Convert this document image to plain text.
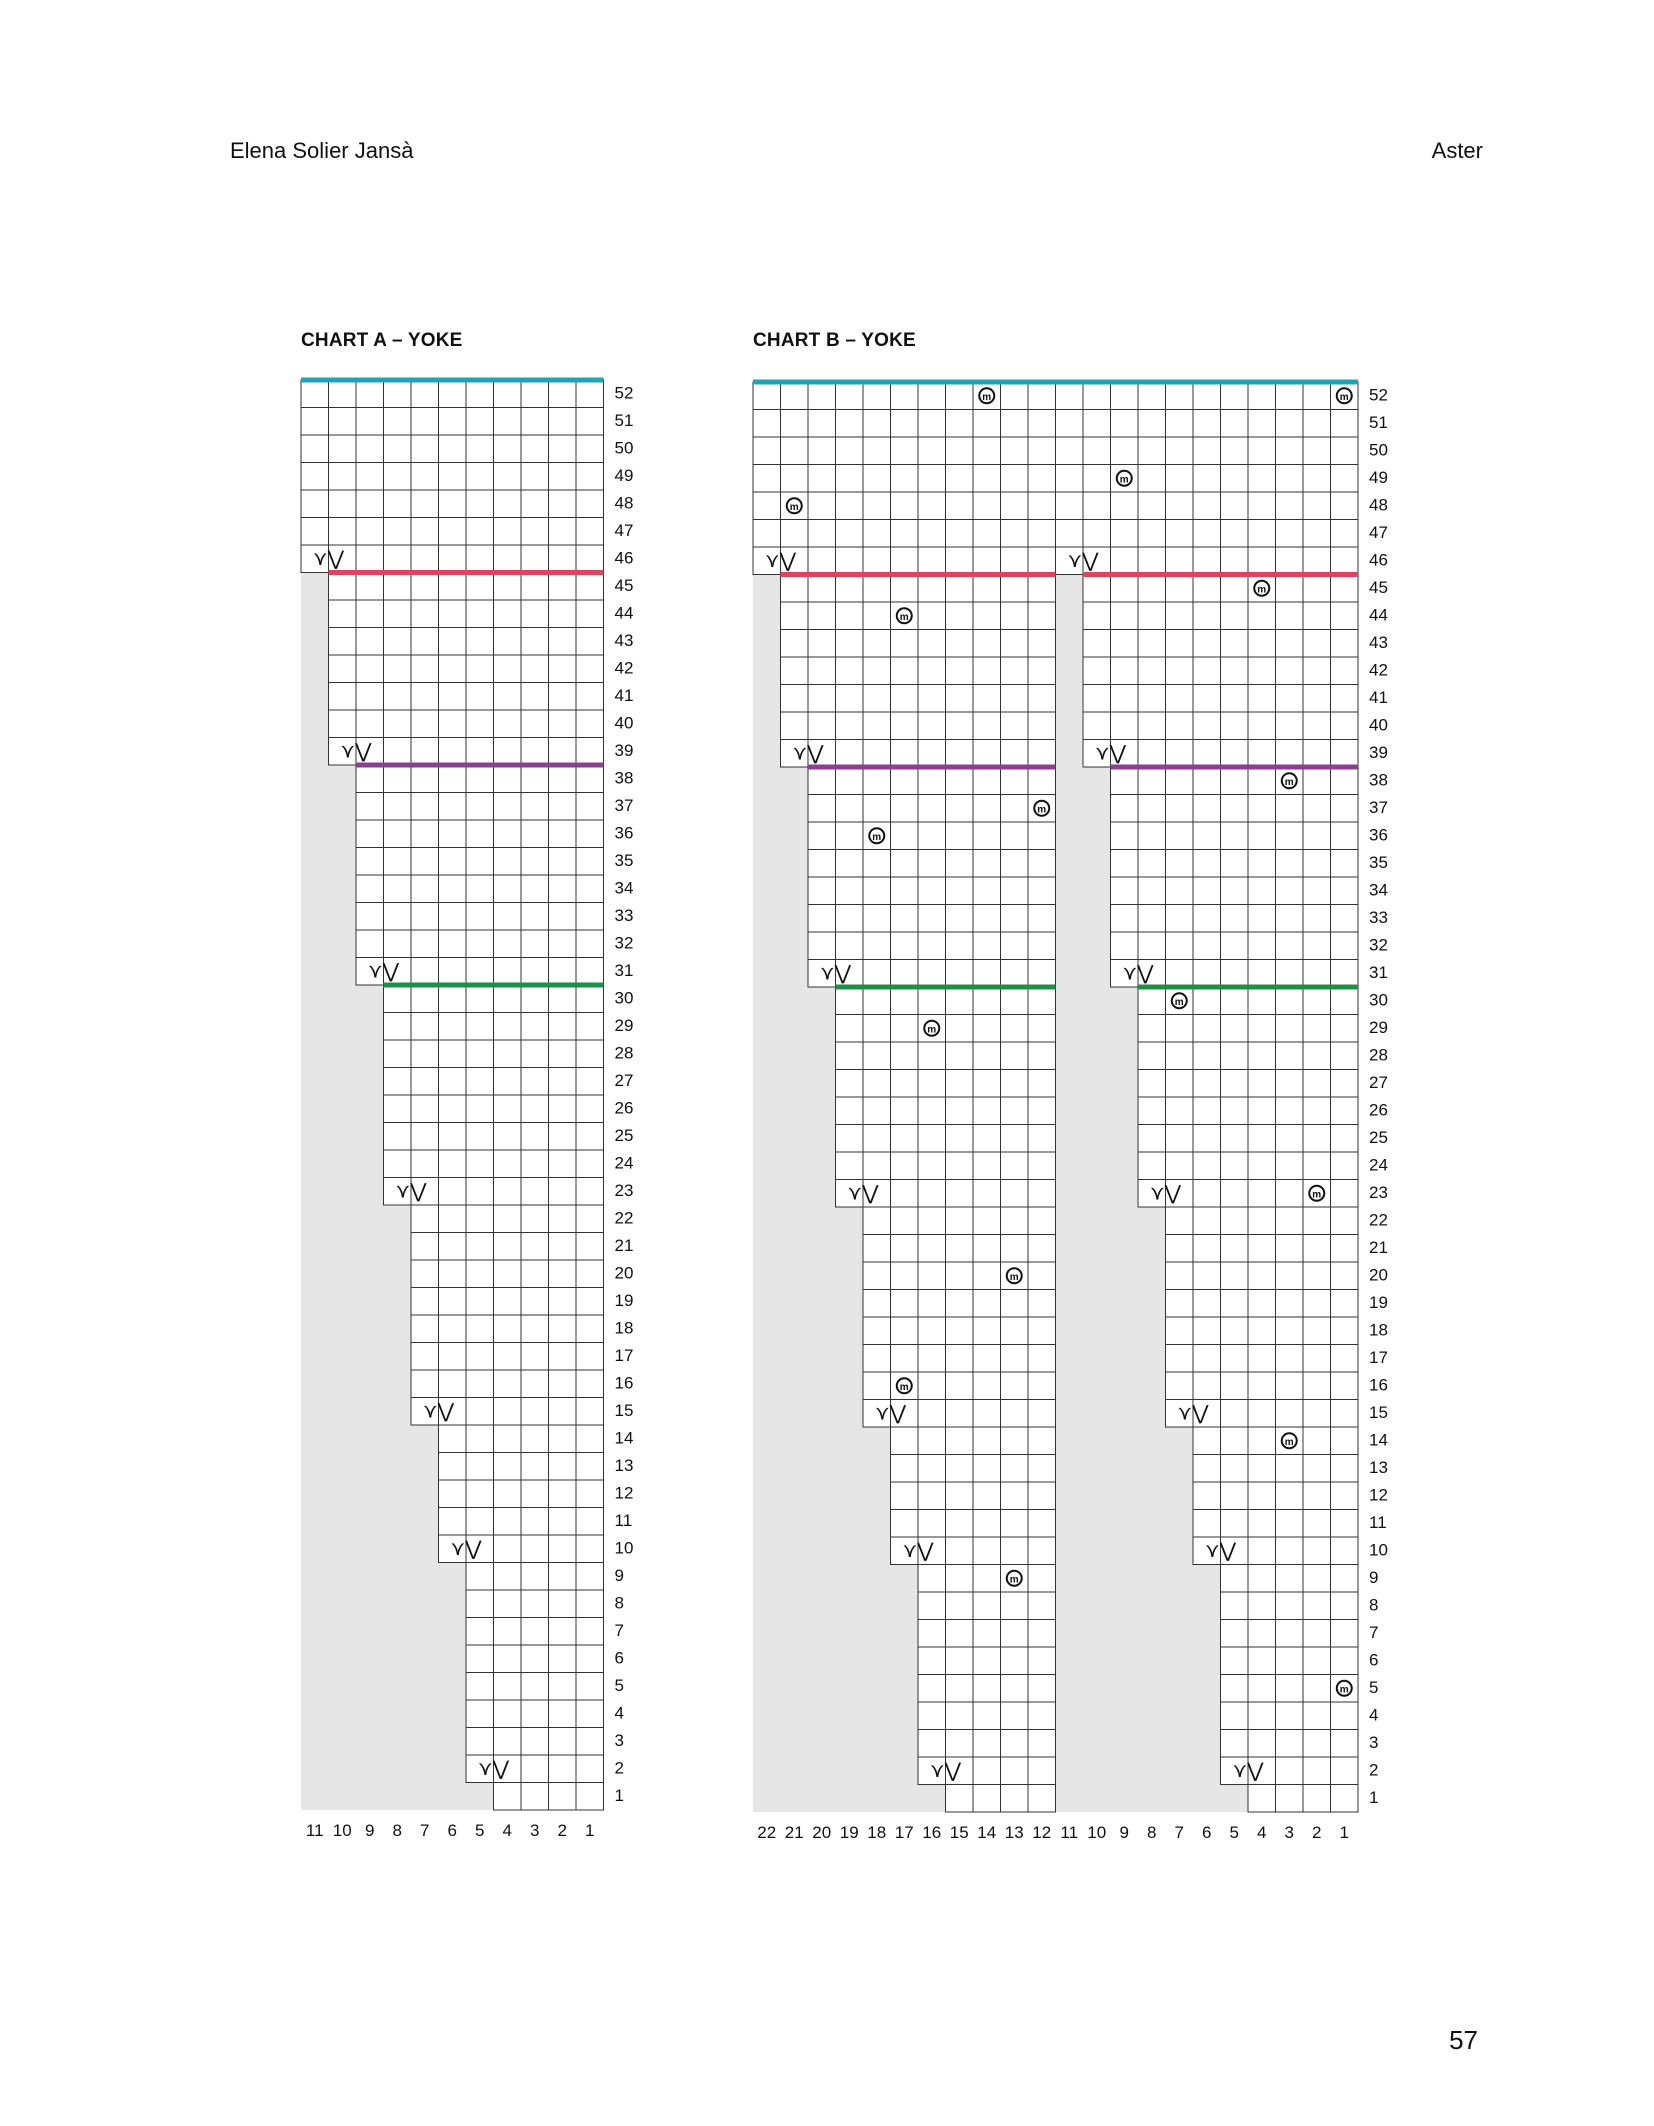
Elena Solier Jansà	Aster
CHART A – YOKE	CHART B – YOKE
⋎⋁
⋎⋁
⋎⋁
⋎⋁
⋎⋁
⋎⋁
⋎⋁
52
51
50
49
48
47
46
45
44
43
42
41
40
39
38
37
36
35
34
33
32
31
30
29
28
27
26
25
24
23
22
21
20
19
18
17
16
15
14
13
12
11
10
9
8
7
6
5
4
3
2
1
11 10 9 8 7 6 5 4 3 2 1
⋎⋁
⋎⋁
⋎⋁
⋎⋁
⋎⋁
⋎⋁
⋎⋁
m
m
m
m
m
m
m
m
m
⋎⋁
⋎⋁
⋎⋁
⋎⋁
⋎⋁
⋎⋁
⋎⋁
m
m
m
m
m
m
m
m 52
51
50
49
48
47
46
45
44
43
42
41
40
39
38
37
36
35
34
33
32
31
30
29
28
27
26
25
24
23
22
21
20
19
18
17
16
15
14
13
12
11
10
9
8
7
6
5
4
3
2
1
22 21 20 19 18 17 16 15 14 13 12 11 10 9 8 7 6 5 4 3 2 1
57
